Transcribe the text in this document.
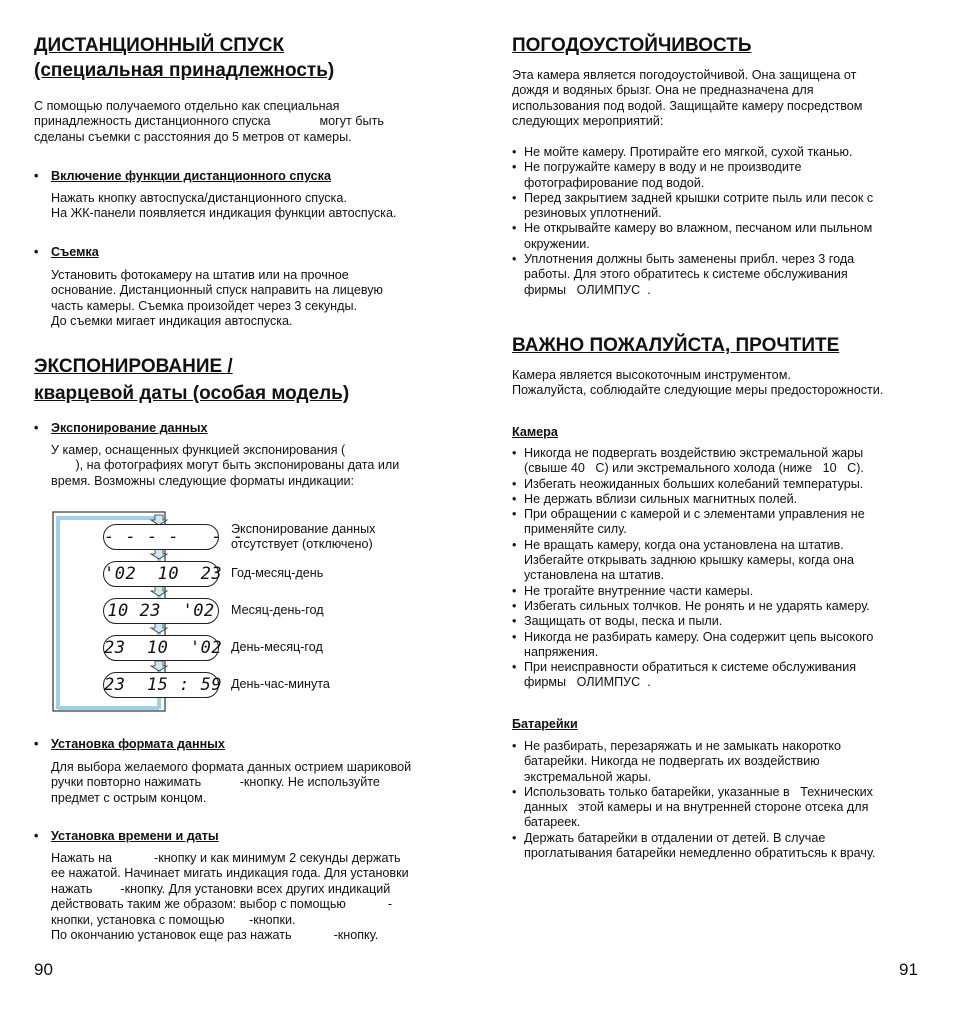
ДИСТАНЦИОННЫЙ СПУСК
(специальная принадлежность)
С помощью получаемого отдельно как специальная
принадлежность дистанционного спуска              могут быть
сделаны съемки с расстояния до 5 метров от камеры.
• Включение функции дистанционного спуска
Нажать кнопку автоспуска/дистанционного спуска.
На ЖК-панели появляется индикация функции автоспуска.
• Съемка
Установить фотокамеру на штатив или на прочное
основание. Дистанционный спуск направить на лицевую
часть камеры. Съемка произойдет через 3 секунды.
До съемки мигает индикация автоспуска.
ЭКСПОНИРОВАНИЕ /
кварцевой даты (особая модель)
• Экспонирование данных
У камер, оснащенных функцией экспонирования (
), на фотографиях могут быть экспонированы дата или
время. Возможны следующие форматы индикации:
- - - -   - -
Экспонирование данных
отсутствует (отключено)
'02  10  23 Год-месяц-день
10 23  '02	Месяц-день-год
23  10  '02 День-месяц-год
23  15 : 59 День-час-минута
• Установка формата данных
Для выбора желаемого формата данных острием шариковой
ручки повторно нажимать           -кнопку. Не используйте
предмет с острым концом.
• Установка времени и даты
Нажать на            -кнопку и как минимум 2 секунды держать
ее нажатой. Начинает мигать индикация года. Для установки
нажать        -кнопку. Для установки всех других индикаций
действовать таким же образом: выбор с помощью            -
кнопки, установка с помощью       -кнопки.
По окончанию установок еще раз нажать            -кнопку.
90
ПОГОДОУСТОЙЧИВОСТЬ
Эта камера является погодоустойчивой. Она защищена от
дождя и водяных брызг. Она не предназначена для
использования под водой. Защищайте камеру посредством
следующих мероприятий:
• Не мойте камеру. Протирайте его мягкой, сухой тканью.
• Не погружайте камеру в воду и не производите
фотографирование под водой.
• Перед закрытием задней крышки сотрите пыль или песок с
резиновых уплотнений.
• Не открывайте камеру во влажном, песчаном или пыльном
окружении.
• Уплотнения должны быть заменены прибл. через 3 года
работы. Для этого обратитесь к системе обслуживания
фирмы   ОЛИМПУС  .
ВАЖНО ПОЖАЛУЙСТА, ПРОЧТИТЕ
Камера является высокоточным инструментом.
Пожалуйста, соблюдайте следующие меры предосторожности.
Камера
• Никогда не подвергать воздействию экстремальной жары
(свыше 40   С) или экстремального холода (ниже   10   С).
• Избегать неожиданных больших колебаний температуры.
• Не держать вблизи сильных магнитных полей.
• При обращении с камерой и с элементами управления не
применяйте силу.
• Не вращать камеру, когда она установлена на штатив.
Избегайте открывать заднюю крышку камеры, когда она
установлена на штатив.
• Не трогайте внутренние части камеры.
• Избегать сильных толчков. Не ронять и не ударять камеру.
• Защищать от воды, песка и пыли.
• Никогда не разбирать камеру. Она содержит цепь высокого
напряжения.
• При неисправности обратиться к системе обслуживания
фирмы   ОЛИМПУС  .
Батарейки
• Не разбирать, перезаряжать и не замыкать накоротко
батарейки. Никогда не подвергать их воздействию
экстремальной жары.
• Использовать только батарейки, указанные в   Технических
данных   этой камеры и на внутренней стороне отсека для
батареек.
• Держать батарейки в отдалении от детей. В случае
проглатывания батарейки немедленно обратитьсяь к врачу.
91
